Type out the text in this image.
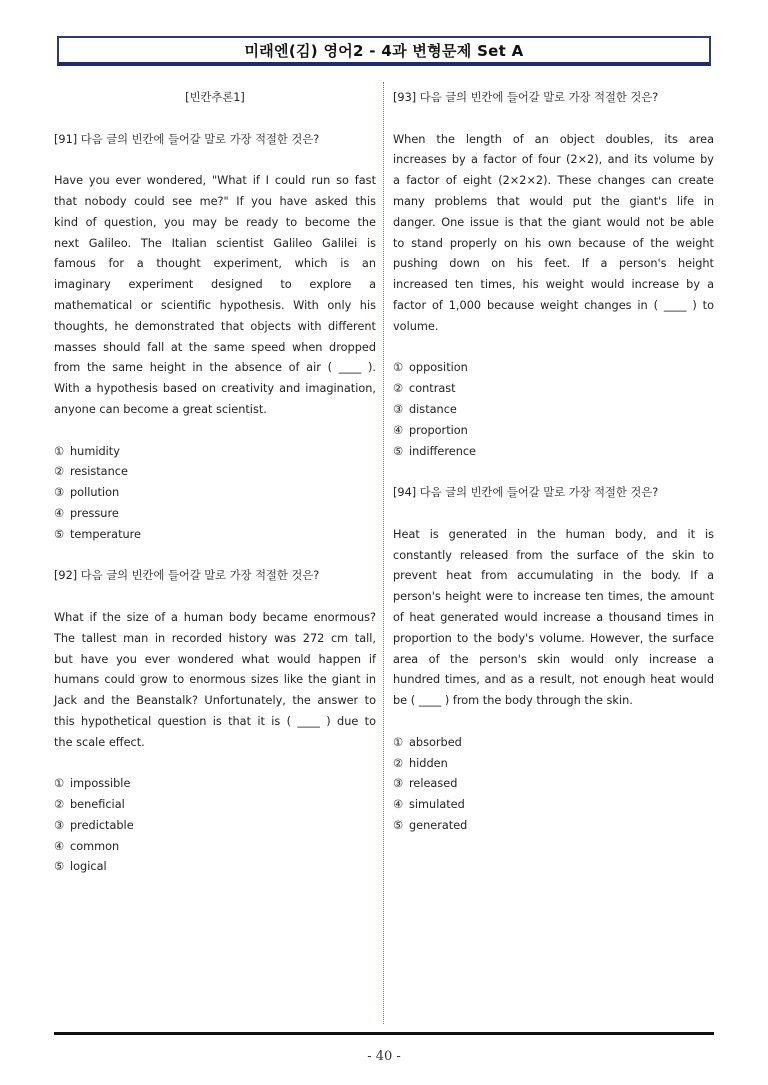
미래엔(김) 영어2 - 4과 변형문제 Set A
[빈칸추론1]
[91] 다음 글의 빈칸에 들어갈 말로 가장 적절한 것은?
Have you ever wondered, "What if I could run so fast
that nobody could see me?" If you have asked this
kind of question, you may be ready to become the
next Galileo. The Italian scientist Galileo Galilei is
famous for a thought experiment, which is an
imaginary experiment designed to explore a
mathematical or scientific hypothesis. With only his
thoughts, he demonstrated that objects with different
masses should fall at the same speed when dropped
from the same height in the absence of air ( ____ ).
With a hypothesis based on creativity and imagination,
anyone can become a great scientist.
① humidity
② resistance
③ pollution
④ pressure
⑤ temperature
[92] 다음 글의 빈칸에 들어갈 말로 가장 적절한 것은?
What if the size of a human body became enormous?
The tallest man in recorded history was 272 cm tall,
but have you ever wondered what would happen if
humans could grow to enormous sizes like the giant in
Jack and the Beanstalk? Unfortunately, the answer to
this hypothetical question is that it is ( ____ ) due to
the scale effect.
① impossible
② beneficial
③ predictable
④ common
⑤ logical
[93] 다음 글의 빈칸에 들어갈 말로 가장 적절한 것은?
When the length of an object doubles, its area
increases by a factor of four (2×2), and its volume by
a factor of eight (2×2×2). These changes can create
many problems that would put the giant's life in
danger. One issue is that the giant would not be able
to stand properly on his own because of the weight
pushing down on his feet. If a person's height
increased ten times, his weight would increase by a
factor of 1,000 because weight changes in ( ____ ) to
volume.
① opposition
② contrast
③ distance
④ proportion
⑤ indifference
[94] 다음 글의 빈칸에 들어갈 말로 가장 적절한 것은?
Heat is generated in the human body, and it is
constantly released from the surface of the skin to
prevent heat from accumulating in the body. If a
person's height were to increase ten times, the amount
of heat generated would increase a thousand times in
proportion to the body's volume. However, the surface
area of the person's skin would only increase a
hundred times, and as a result, not enough heat would
be ( ____ ) from the body through the skin.
① absorbed
② hidden
③ released
④ simulated
⑤ generated
- 40 -
